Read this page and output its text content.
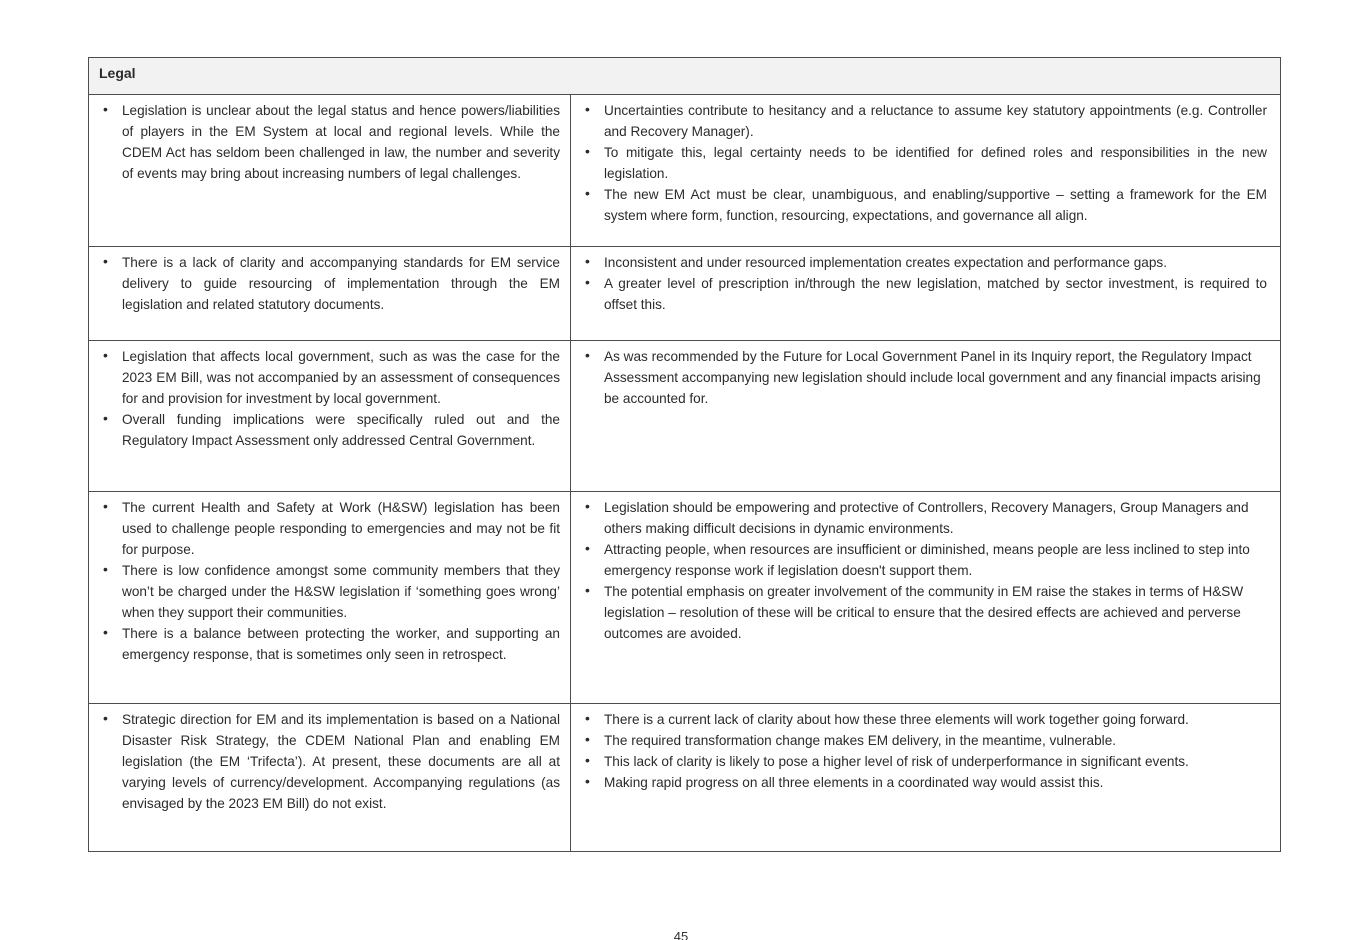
Legal
• Legislation is unclear about the legal status and hence powers/liabilities of players in the EM System at local and regional levels. While the CDEM Act has seldom been challenged in law, the number and severity of events may bring about increasing numbers of legal challenges.
• Uncertainties contribute to hesitancy and a reluctance to assume key statutory appointments (e.g. Controller and Recovery Manager).
• To mitigate this, legal certainty needs to be identified for defined roles and responsibilities in the new legislation.
• The new EM Act must be clear, unambiguous, and enabling/supportive – setting a framework for the EM system where form, function, resourcing, expectations, and governance all align.
• There is a lack of clarity and accompanying standards for EM service delivery to guide resourcing of implementation through the EM legislation and related statutory documents.
• Inconsistent and under resourced implementation creates expectation and performance gaps.
• A greater level of prescription in/through the new legislation, matched by sector investment, is required to offset this.
• Legislation that affects local government, such as was the case for the 2023 EM Bill, was not accompanied by an assessment of consequences for and provision for investment by local government.
• Overall funding implications were specifically ruled out and the Regulatory Impact Assessment only addressed Central Government.
• As was recommended by the Future for Local Government Panel in its Inquiry report, the Regulatory Impact Assessment accompanying new legislation should include local government and any financial impacts arising be accounted for.
• The current Health and Safety at Work (H&SW) legislation has been used to challenge people responding to emergencies and may not be fit for purpose.
• There is low confidence amongst some community members that they won’t be charged under the H&SW legislation if ‘something goes wrong’ when they support their communities.
• There is a balance between protecting the worker, and supporting an emergency response, that is sometimes only seen in retrospect.
• Legislation should be empowering and protective of Controllers, Recovery Managers, Group Managers and others making difficult decisions in dynamic environments.
• Attracting people, when resources are insufficient or diminished, means people are less inclined to step into emergency response work if legislation doesn't support them.
• The potential emphasis on greater involvement of the community in EM raise the stakes in terms of H&SW legislation – resolution of these will be critical to ensure that the desired effects are achieved and perverse outcomes are avoided.
• Strategic direction for EM and its implementation is based on a National Disaster Risk Strategy, the CDEM National Plan and enabling EM legislation (the EM ‘Trifecta’). At present, these documents are all at varying levels of currency/development. Accompanying regulations (as envisaged by the 2023 EM Bill) do not exist.
• There is a current lack of clarity about how these three elements will work together going forward.
• The required transformation change makes EM delivery, in the meantime, vulnerable.
• This lack of clarity is likely to pose a higher level of risk of underperformance in significant events.
• Making rapid progress on all three elements in a coordinated way would assist this.
45
